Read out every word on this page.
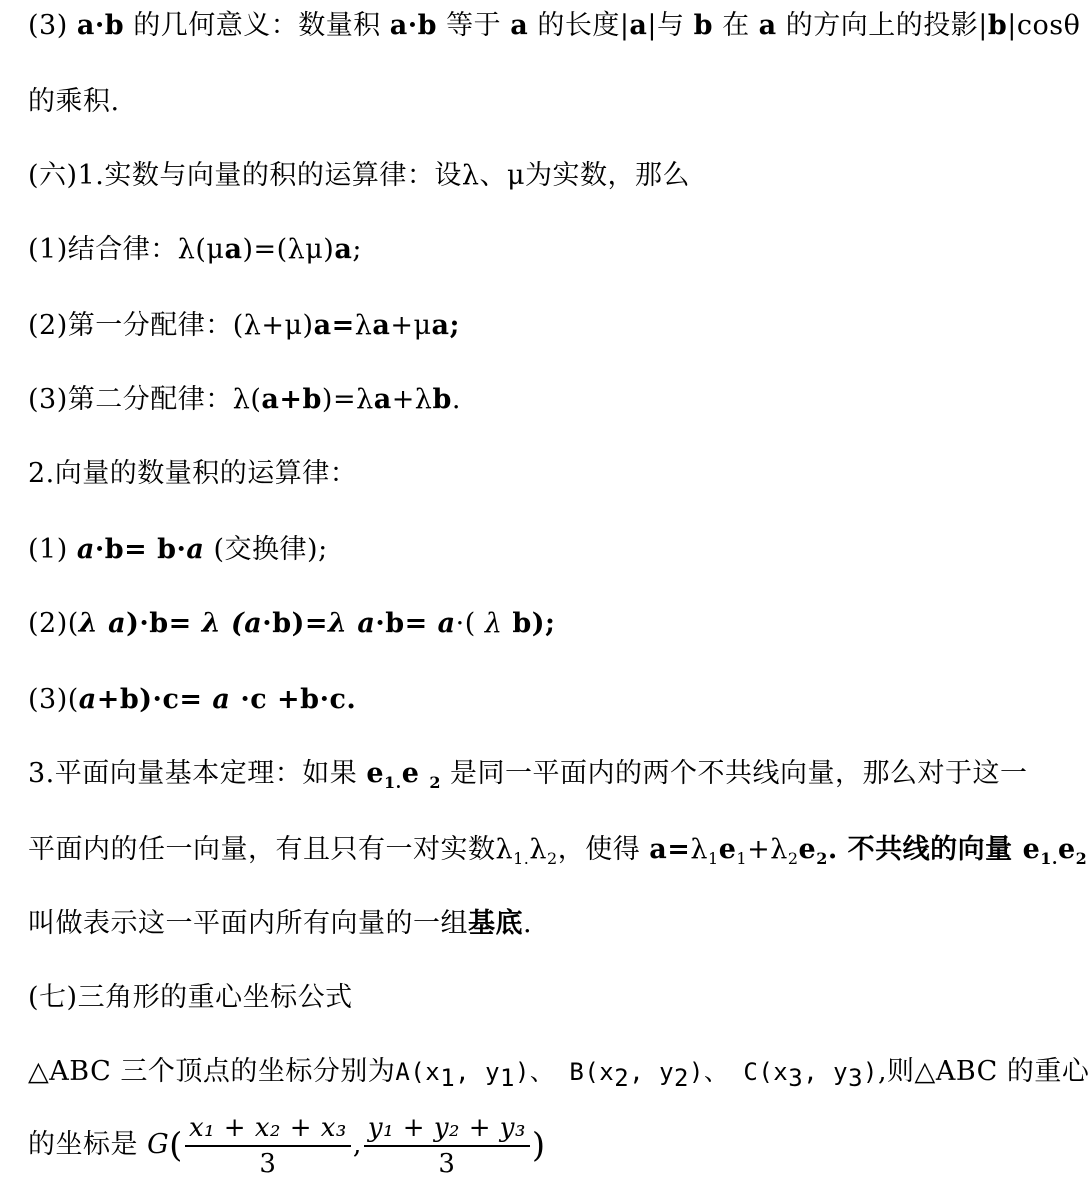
(3) a·b 的几何意义：数量积 a·b 等于 a 的长度|a|与 b 在 a 的方向上的投影|b|cosθ
的乘积.
(六)1.实数与向量的积的运算律：设λ、μ为实数，那么
(1)结合律：λ(μa)=(λμ)a;
(2)第一分配律：(λ+μ)a=λa+μa;
(3)第二分配律：λ(a+b)=λa+λb.
2.向量的数量积的运算律：
(1) a·b= b·a (交换律);
(2)(λ a)·b= λ (a·b)=λ a·b= a·( λ b);
(3)(a+b)·c= a ·c +b·c.
3.平面向量基本定理：如果 $e_{1.}e$ $_2$ 是同一平面内的两个不共线向量，那么对于这一
平面内的任一向量，有且只有一对实数$\lambda_{1.}\lambda_2$，使得 $a=\lambda_1e_1+\lambda_2e_2$. 不共线的向量 $e_{1.}e_2$
叫做表示这一平面内所有向量的一组基底.
(七)三角形的重心坐标公式
△ABC 三个顶点的坐标分别为A(x1, y1)、 B(x2, y2)、 C(x3, y3),则△ABC 的重心
的坐标是 $G( \frac{\text{x₁ + x₂ + x₃}}{3}$ , $\frac{\text{y₁ + y₂ + y₃}}{3}$ )
